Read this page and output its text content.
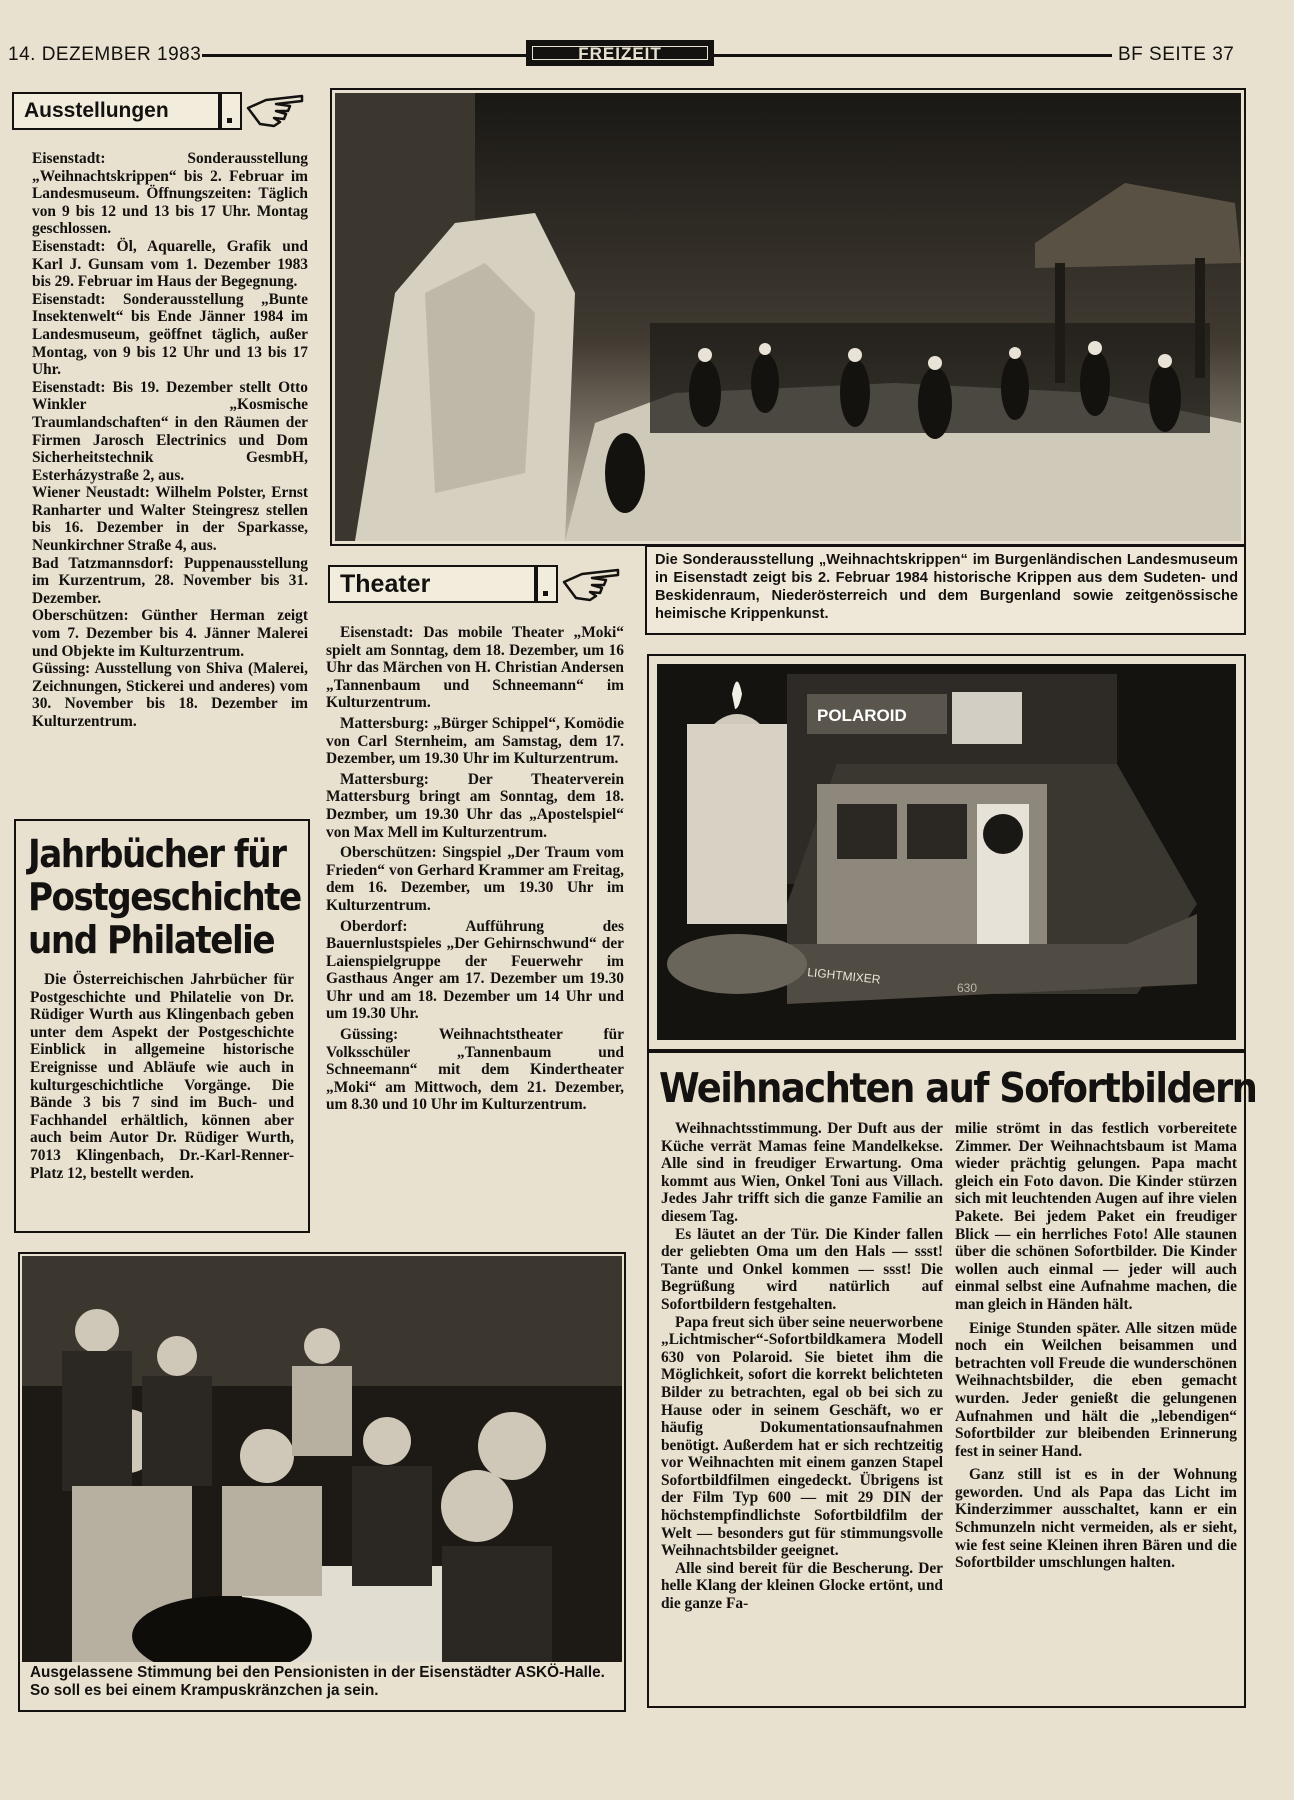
14. DEZEMBER 1983	FREIZEIT	BF SEITE 37
Ausstellungen

Eisenstadt:	Sonderausstellung „Weihnachtskrippen“ bis 2. Februar im Landesmuseum. Öffnungszeiten: Täglich von 9 bis 12 und 13 bis 17 Uhr. Montag geschlossen.

Eisenstadt: Öl, Aquarelle, Grafik und Karl J. Gunsam vom 1. Dezember 1983 bis 29. Februar im Haus der Begegnung.

Eisenstadt: Sonderausstellung „Bunte Insektenwelt“ bis Ende Jänner 1984 im Landesmuseum, geöffnet täglich, außer Montag, von 9 bis 12 Uhr und 13 bis 17 Uhr.

Eisenstadt: Bis 19. Dezember stellt Otto Winkler „Kosmische Traumlandschaften“ in den Räumen der Firmen Jarosch Electrinics und Dom Sicherheitstechnik GesmbH, Esterházystraße 2, aus.

Wiener Neustadt: Wilhelm Polster, Ernst Ranharter und Walter Steingresz stellen bis 16. Dezember in der Sparkasse, Neunkirchner Straße 4, aus.

Bad Tatzmannsdorf: Puppenausstellung im Kurzentrum, 28. November bis 31. Dezember.

Oberschützen: Günther Herman zeigt vom 7. Dezember bis 4. Jänner Malerei und Objekte im Kulturzentrum.

Güssing: Ausstellung von Shiva (Malerei, Zeichnungen, Stickerei und anderes) vom 30. November bis 18. Dezember im Kulturzentrum.

Die Sonderausstellung „Weihnachtskrippen“ im Burgenländischen Landesmuseum in Eisenstadt zeigt bis 2. Februar 1984 historische Krippen aus dem Sudeten- und Beskidenraum, Niederösterreich und dem Burgenland sowie zeitgenössische heimische Krippenkunst.
Theater

Eisenstadt: Das mobile Theater „Moki“ spielt am Sonntag, dem 18. Dezember, um 16 Uhr das Märchen von H. Christian Andersen „Tannenbaum und Schneemann“ im Kulturzentrum.

Mattersburg: „Bürger Schippel“, Komödie von Carl Sternheim, am Samstag, dem 17. Dezember, um 19.30 Uhr im Kulturzentrum.

Mattersburg:	Der Theaterverein Mattersburg bringt am Sonntag, dem 18. Dezmber, um 19.30 Uhr das „Apostelspiel“ von Max Mell im Kulturzentrum.

Oberschützen: Singspiel „Der Traum vom Frieden“ von Gerhard Krammer am Freitag, dem 16. Dezember, um 19.30 Uhr im Kulturzentrum.

Oberdorf:	Aufführung des Bauernlustspieles „Der Gehirnschwund“ der Laienspielgruppe der Feuerwehr im Gasthaus Anger am 17. Dezember um 19.30 Uhr und am 18. Dezember um 14 Uhr und um 19.30 Uhr.

Güssing:	Weihnachtstheater für Volksschüler „Tannenbaum und Schneemann“ mit dem Kindertheater „Moki“ am Mittwoch, dem 21. Dezember, um 8.30 und 10 Uhr im Kulturzentrum.

Jahrbücher für
Postgeschichte
und Philatelie
Die Österreichischen Jahrbücher für Postgeschichte und Philatelie von Dr. Rüdiger Wurth aus Klingenbach geben unter dem Aspekt der Postgeschichte Einblick in allgemeine historische Ereignisse und Abläufe wie auch in kulturgeschichtliche Vorgänge. Die Bände 3 bis 7 sind im Buch- und Fachhandel erhältlich, können aber auch beim Autor Dr. Rüdiger Wurth, 7013 Klingenbach, Dr.-Karl-Renner-Platz 12, bestellt werden.
POLAROID
LIGHTMIXER
630
Weihnachten auf Sofortbildern

Weihnachtsstimmung. Der Duft aus der Küche verrät Mamas feine Mandelkekse. Alle sind in freudiger Erwartung. Oma kommt aus Wien, Onkel Toni aus Villach. Jedes Jahr trifft sich die ganze Familie an diesem Tag.

Es läutet an der Tür. Die Kinder fallen der geliebten Oma um den Hals — ssst! Tante und Onkel kommen — ssst! Die Begrüßung wird natürlich auf Sofortbildern festgehalten.

Papa freut sich über seine neuerworbene „Lichtmischer“-Sofortbildkamera Modell 630 von Polaroid. Sie bietet ihm die Möglichkeit, sofort die korrekt belichteten Bilder zu betrachten, egal ob bei sich zu Hause oder in seinem Geschäft, wo er häufig Dokumentationsaufnahmen benötigt. Außerdem hat er sich rechtzeitig vor Weihnachten mit einem ganzen Stapel Sofortbildfilmen eingedeckt. Übrigens ist der Film Typ 600 — mit 29 DIN der höchstempfindlichste Sofortbildfilm der Welt — besonders gut für stimmungsvolle Weihnachtsbilder geeignet.

Alle sind bereit für die Bescherung. Der helle Klang der kleinen Glocke ertönt, und die ganze Fa-

milie strömt in das festlich vorbereitete Zimmer. Der Weihnachtsbaum ist Mama wieder prächtig gelungen. Papa macht gleich ein Foto davon. Die Kinder stürzen sich mit leuchtenden Augen auf ihre vielen Pakete. Bei jedem Paket ein freudiger Blick — ein herrliches Foto! Alle staunen über die schönen Sofortbilder. Die Kinder wollen auch einmal — jeder will auch einmal selbst eine Aufnahme machen, die man gleich in Händen hält.

Einige Stunden später. Alle sitzen müde noch ein Weilchen beisammen und betrachten voll Freude die wunderschönen Weihnachtsbilder, die eben gemacht wurden. Jeder genießt die gelungenen Aufnahmen und hält die „lebendigen“ Sofortbilder zur bleibenden Erinnerung fest in seiner Hand.

Ganz still ist es in der Wohnung geworden. Und als Papa das Licht im Kinderzimmer ausschaltet, kann er ein Schmunzeln nicht vermeiden, als er sieht, wie fest seine Kleinen ihren Bären und die Sofortbilder umschlungen halten.

Ausgelassene Stimmung bei den Pensionisten in der Eisenstädter ASKÖ-Halle. So soll es bei einem Krampuskränzchen ja sein.
